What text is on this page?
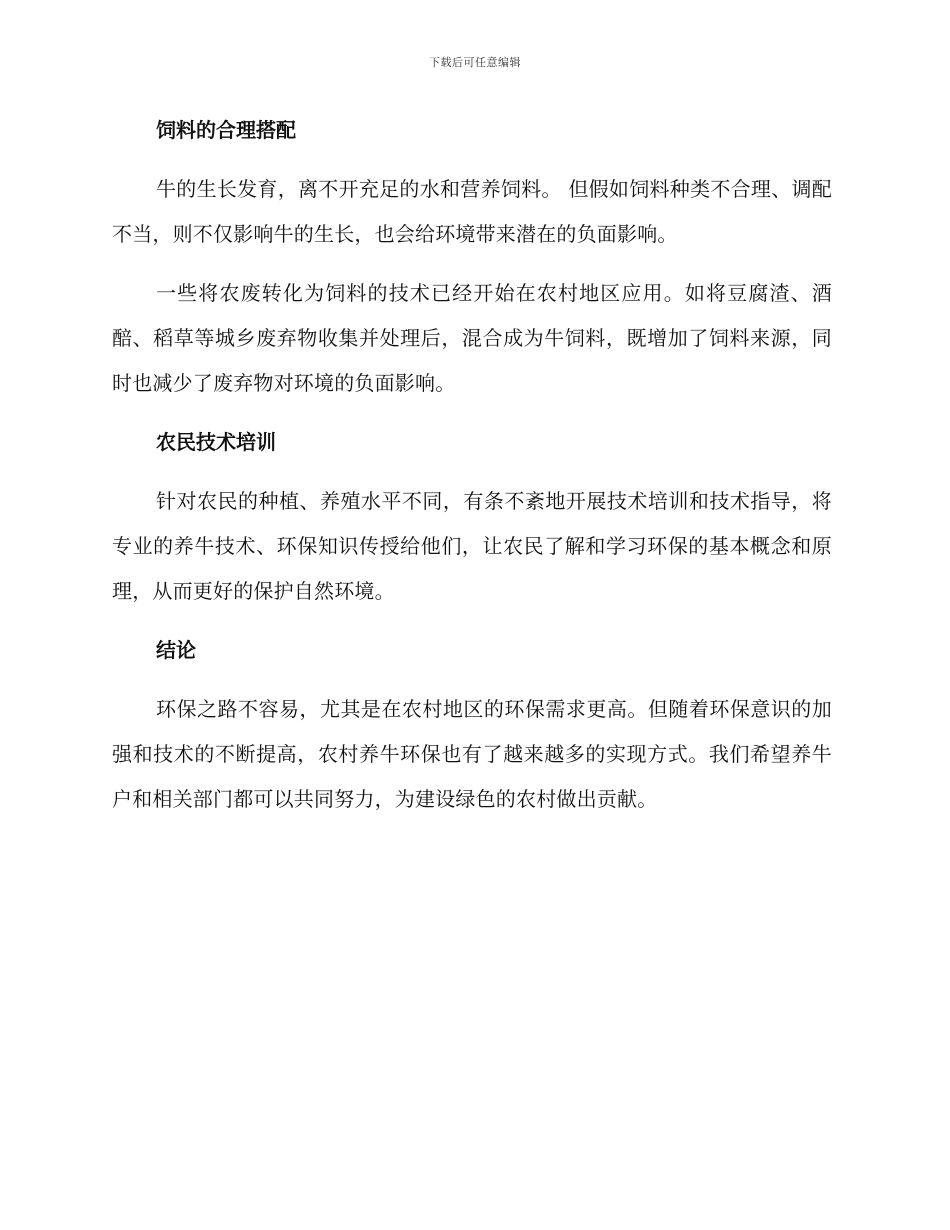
下载后可任意编辑
饲料的合理搭配

牛的生长发育，离不开充足的水和营养饲料。 但假如饲料种类不合理、调配不当，则不仅影响牛的生长，也会给环境带来潜在的负面影响。

一些将农废转化为饲料的技术已经开始在农村地区应用。如将豆腐渣、酒醅、稻草等城乡废弃物收集并处理后，混合成为牛饲料，既增加了饲料来源，同时也减少了废弃物对环境的负面影响。

农民技术培训

针对农民的种植、养殖水平不同，有条不紊地开展技术培训和技术指导，将专业的养牛技术、环保知识传授给他们，让农民了解和学习环保的基本概念和原理，从而更好的保护自然环境。

结论

环保之路不容易，尤其是在农村地区的环保需求更高。但随着环保意识的加强和技术的不断提高，农村养牛环保也有了越来越多的实现方式。我们希望养牛户和相关部门都可以共同努力，为建设绿色的农村做出贡献。
